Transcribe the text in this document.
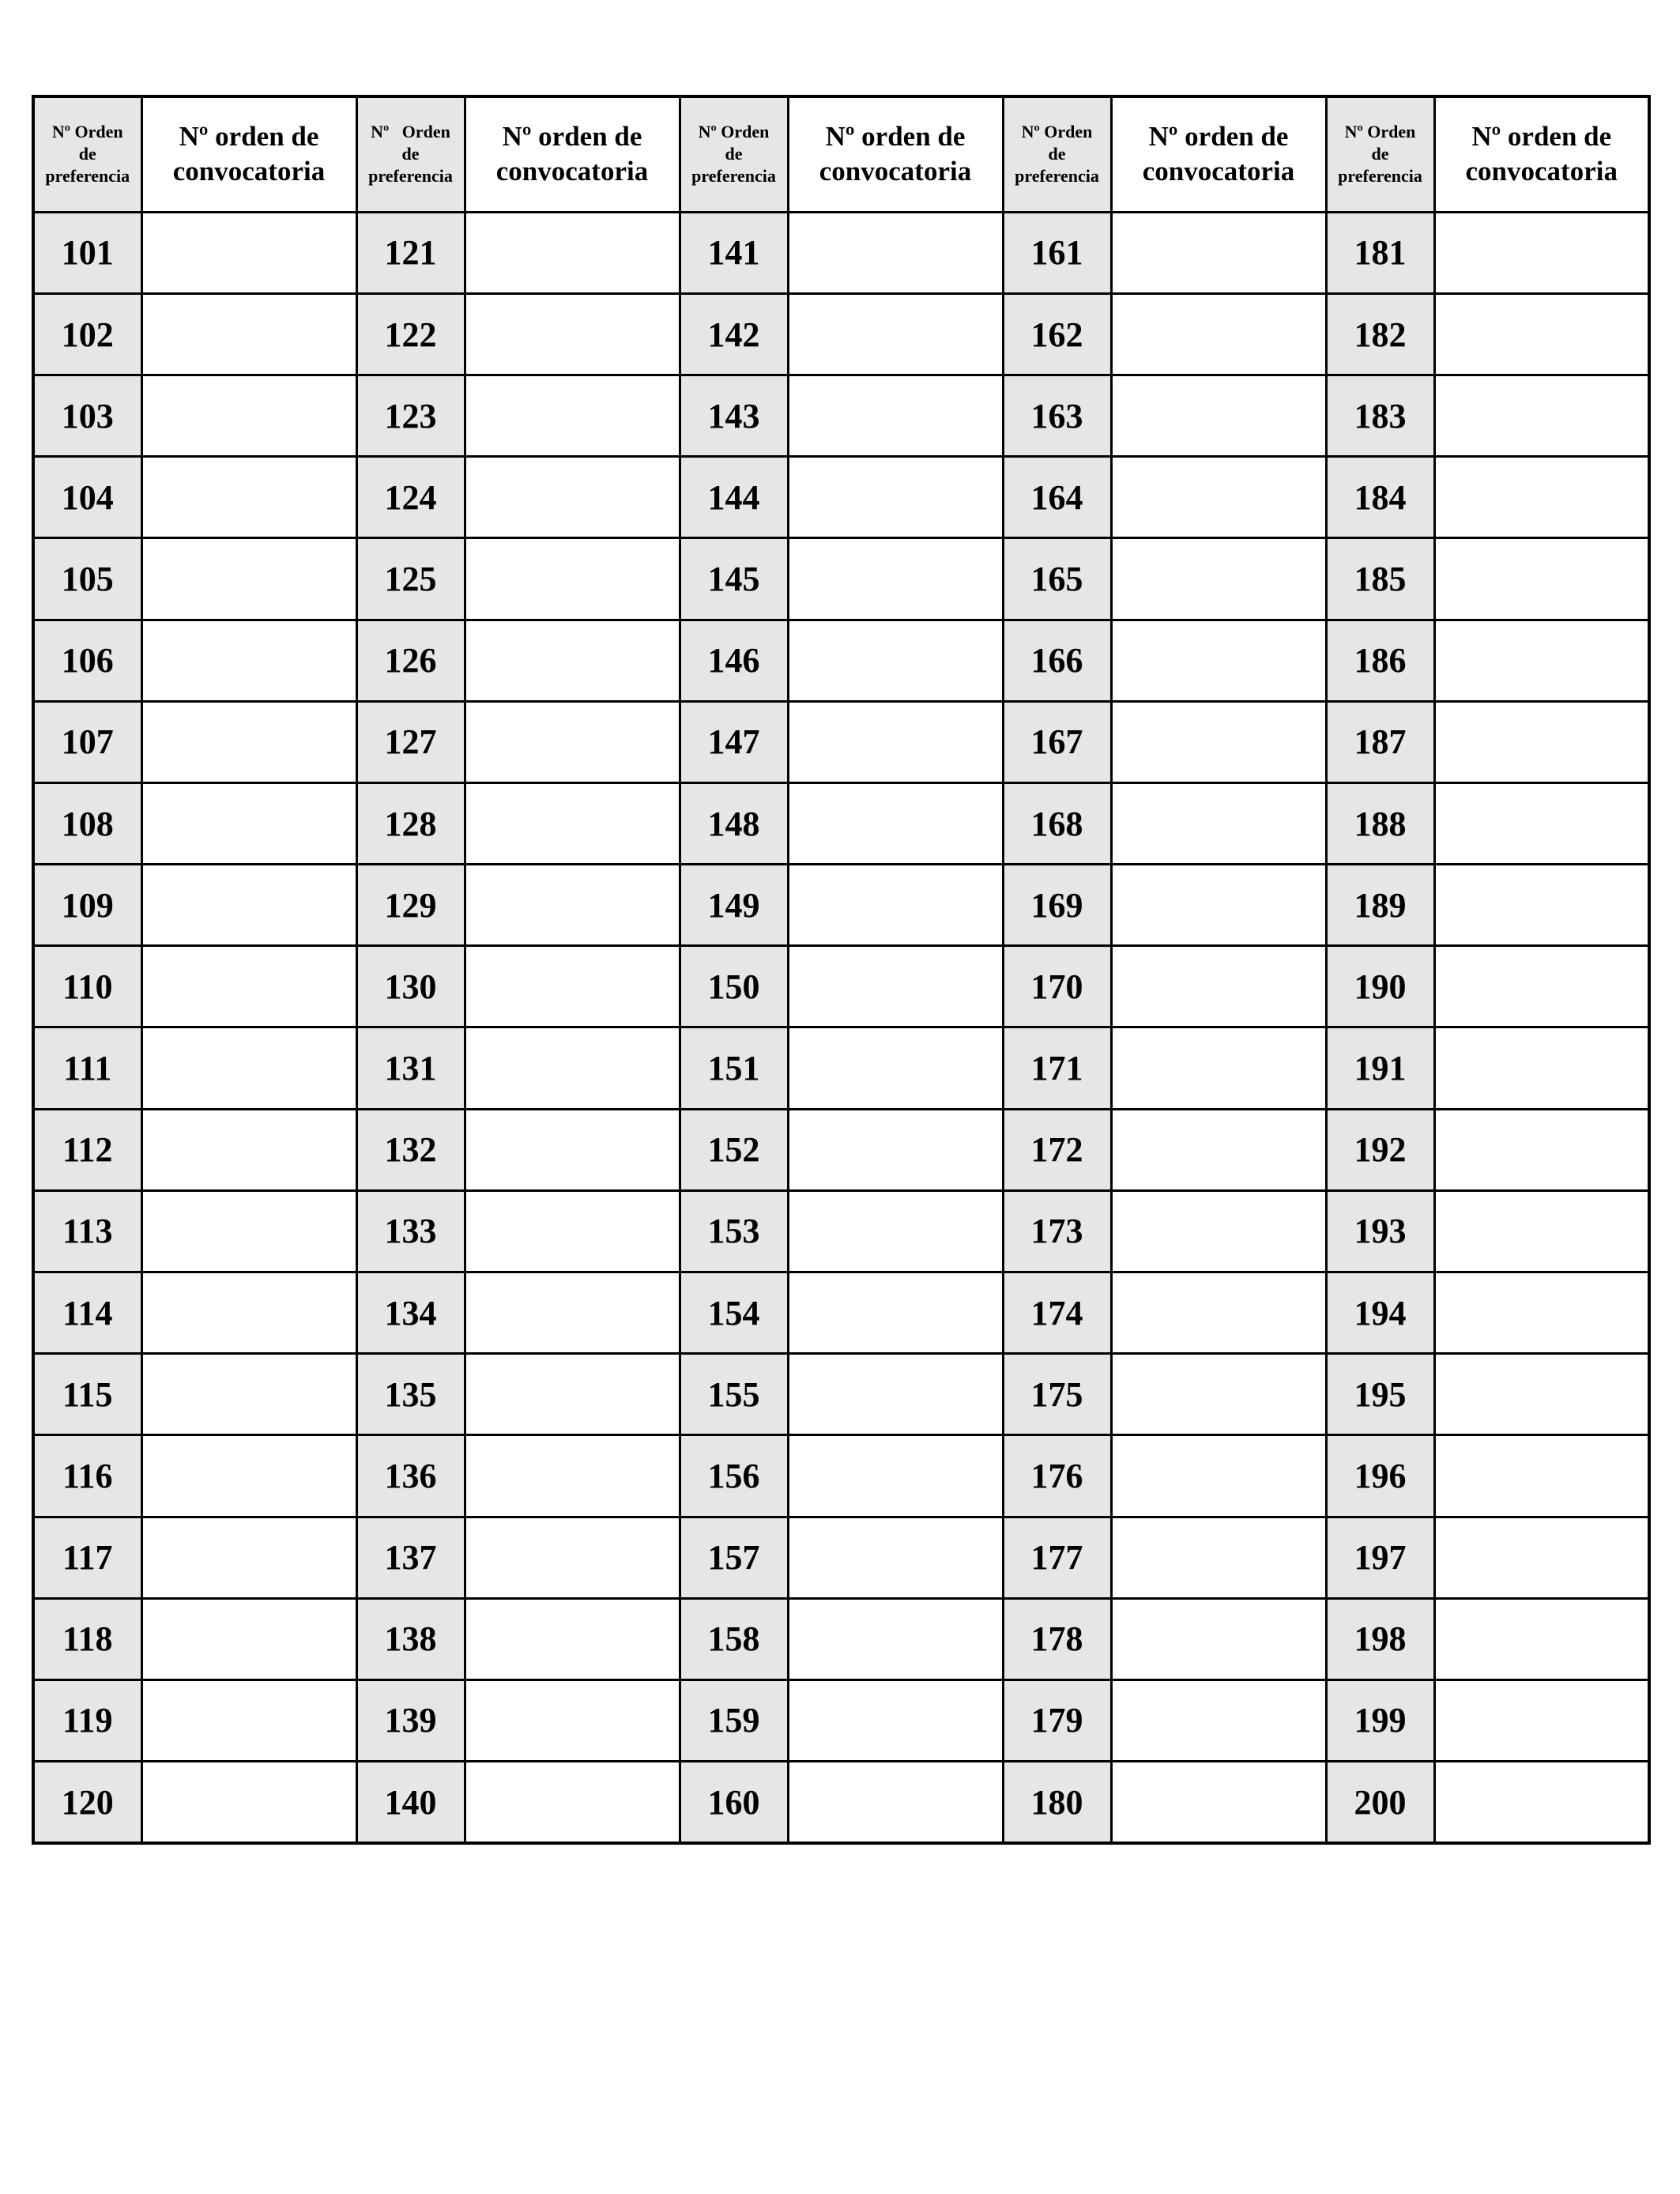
Nº Orden
de
preferencia	Nº orden de
convocatoria	Nº   Orden
de
preferencia	Nº orden de
convocatoria	Nº Orden
de
preferencia	Nº orden de
convocatoria	Nº Orden
de
preferencia	Nº orden de
convocatoria	Nº Orden
de
preferencia	Nº orden de
convocatoria

101		121		141		161		181	
102		122		142		162		182	
103		123		143		163		183	
104		124		144		164		184	
105		125		145		165		185	
106		126		146		166		186	
107		127		147		167		187	
108		128		148		168		188	
109		129		149		169		189	
110		130		150		170		190	
111		131		151		171		191	
112		132		152		172		192	
113		133		153		173		193	
114		134		154		174		194	
115		135		155		175		195	
116		136		156		176		196	
117		137		157		177		197	
118		138		158		178		198	
119		139		159		179		199	
120		140		160		180		200	
